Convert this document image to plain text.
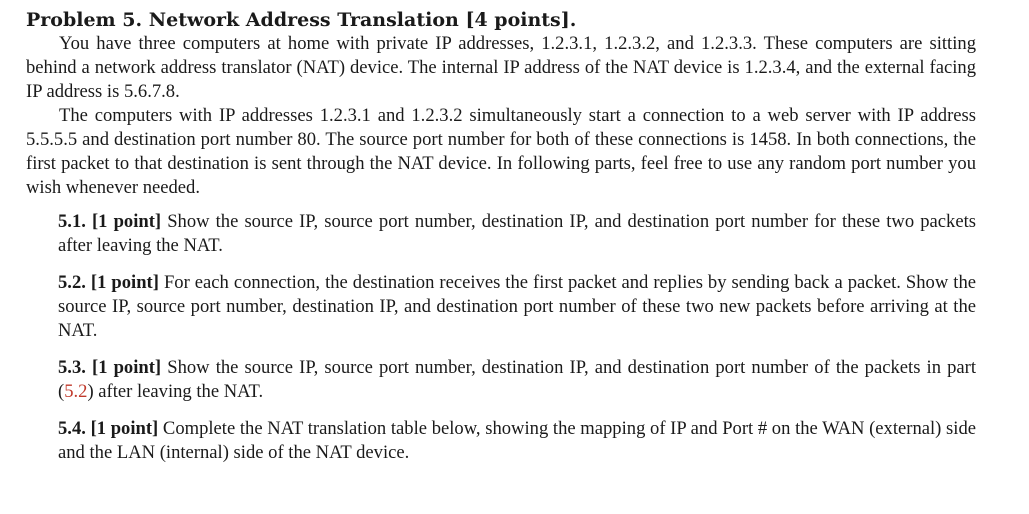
Problem 5. Network Address Translation [4 points].

You have three computers at home with private IP addresses, 1.2.3.1, 1.2.3.2, and 1.2.3.3. These computers are sitting behind a network address translator (NAT) device. The internal IP address of the NAT device is 1.2.3.4, and the external facing IP address is 5.6.7.8.

The computers with IP addresses 1.2.3.1 and 1.2.3.2 simultaneously start a connection to a web server with IP address 5.5.5.5 and destination port number 80. The source port number for both of these connections is 1458. In both connections, the first packet to that destination is sent through the NAT device. In following parts, feel free to use any random port number you wish whenever needed.

5.1. [1 point] Show the source IP, source port number, destination IP, and destination port number for these two packets after leaving the NAT.

5.2. [1 point] For each connection, the destination receives the first packet and replies by sending back a packet. Show the source IP, source port number, destination IP, and destination port number of these two new packets before arriving at the NAT.

5.3. [1 point] Show the source IP, source port number, destination IP, and destination port number of the packets in part (5.2) after leaving the NAT.

5.4. [1 point] Complete the NAT translation table below, showing the mapping of IP and Port # on the WAN (external) side and the LAN (internal) side of the NAT device.
